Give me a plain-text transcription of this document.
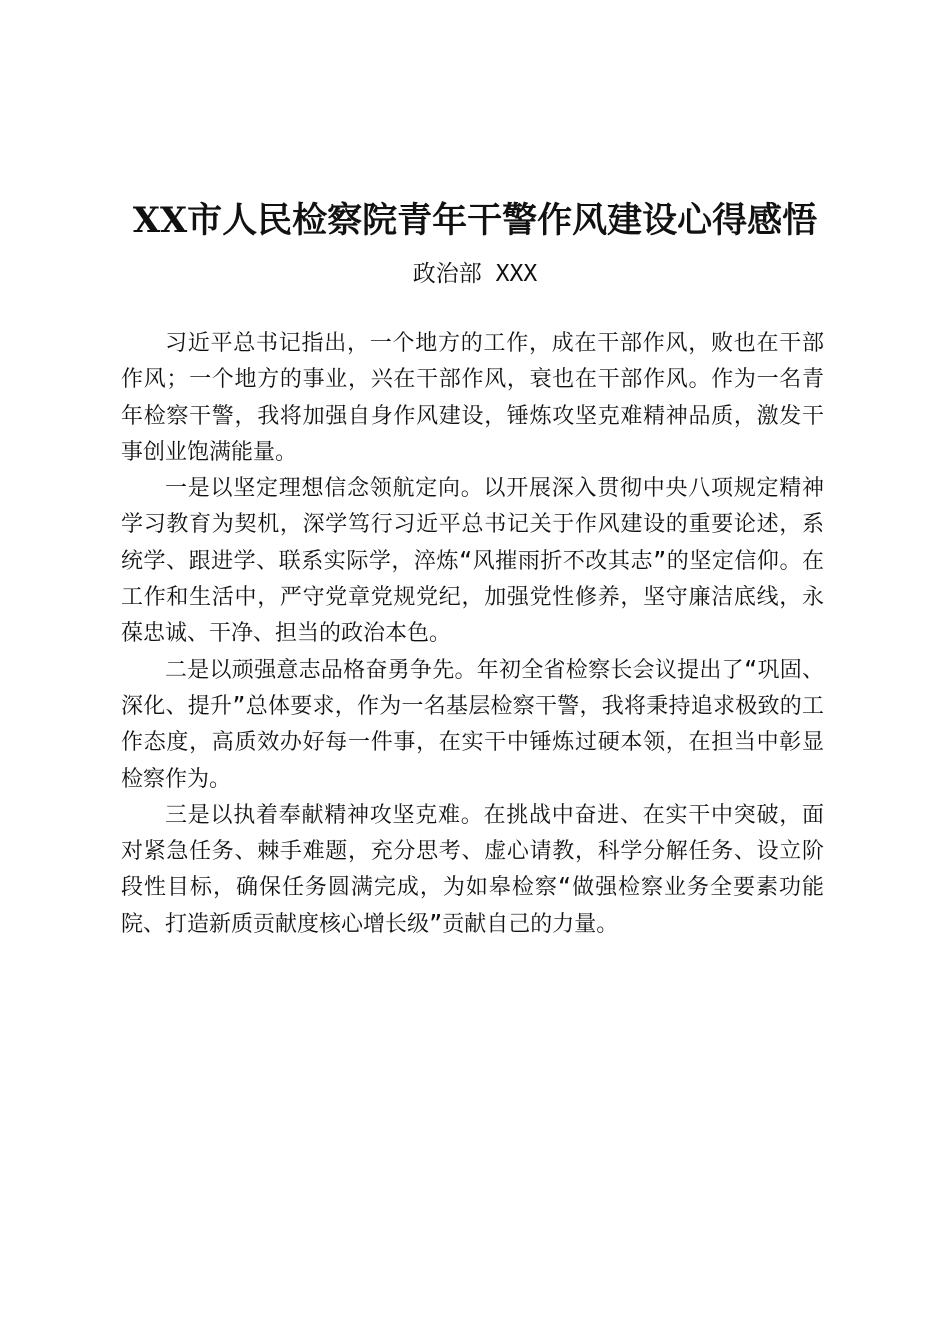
XX市人民检察院青年干警作风建设心得感悟
政治部 XXX

习近平总书记指出，一个地方的工作，成在干部作风，败也在干部作风；一个地方的事业，兴在干部作风，衰也在干部作风。作为一名青年检察干警，我将加强自身作风建设，锤炼攻坚克难精神品质，激发干事创业饱满能量。

一是以坚定理想信念领航定向。以开展深入贯彻中央八项规定精神学习教育为契机，深学笃行习近平总书记关于作风建设的重要论述，系统学、跟进学、联系实际学，淬炼“风摧雨折不改其志”的坚定信仰。在工作和生活中，严守党章党规党纪，加强党性修养，坚守廉洁底线，永葆忠诚、干净、担当的政治本色。

二是以顽强意志品格奋勇争先。年初全省检察长会议提出了“巩固、深化、提升”总体要求，作为一名基层检察干警，我将秉持追求极致的工作态度，高质效办好每一件事，在实干中锤炼过硬本领，在担当中彰显检察作为。

三是以执着奉献精神攻坚克难。在挑战中奋进、在实干中突破，面对紧急任务、棘手难题，充分思考、虚心请教，科学分解任务、设立阶段性目标，确保任务圆满完成，为如皋检察“做强检察业务全要素功能院、打造新质贡献度核心增长级”贡献自己的力量。
